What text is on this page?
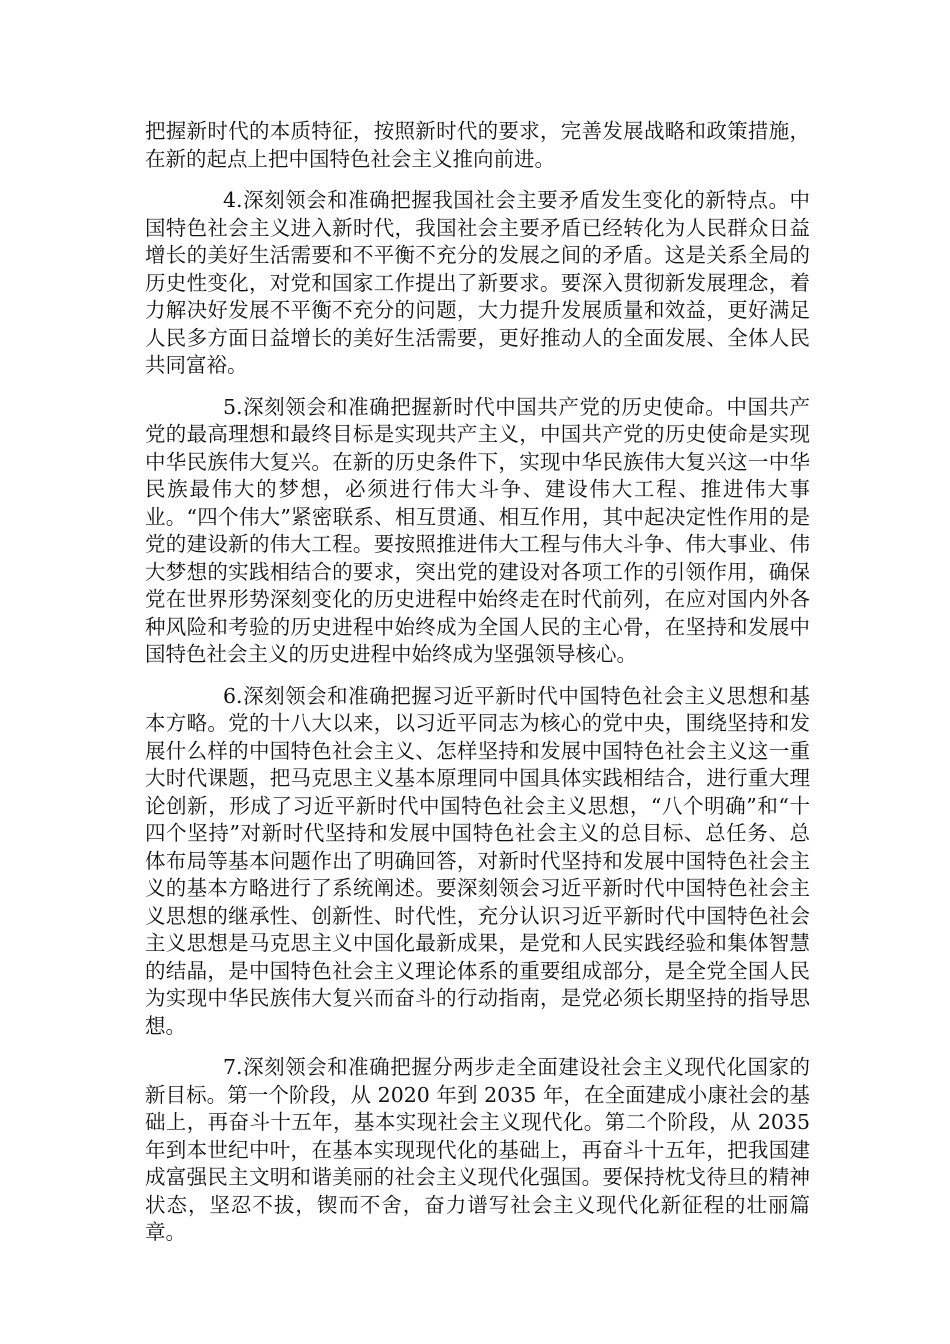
把握新时代的本质特征，按照新时代的要求，完善发展战略和政策措施，在新的起点上把中国特色社会主义推向前进。

4.深刻领会和准确把握我国社会主要矛盾发生变化的新特点。中国特色社会主义进入新时代，我国社会主要矛盾已经转化为人民群众日益增长的美好生活需要和不平衡不充分的发展之间的矛盾。这是关系全局的历史性变化，对党和国家工作提出了新要求。要深入贯彻新发展理念，着力解决好发展不平衡不充分的问题，大力提升发展质量和效益，更好满足人民多方面日益增长的美好生活需要，更好推动人的全面发展、全体人民共同富裕。

5.深刻领会和准确把握新时代中国共产党的历史使命。中国共产党的最高理想和最终目标是实现共产主义，中国共产党的历史使命是实现中华民族伟大复兴。在新的历史条件下，实现中华民族伟大复兴这一中华民族最伟大的梦想，必须进行伟大斗争、建设伟大工程、推进伟大事业。“四个伟大”紧密联系、相互贯通、相互作用，其中起决定性作用的是党的建设新的伟大工程。要按照推进伟大工程与伟大斗争、伟大事业、伟大梦想的实践相结合的要求，突出党的建设对各项工作的引领作用，确保党在世界形势深刻变化的历史进程中始终走在时代前列，在应对国内外各种风险和考验的历史进程中始终成为全国人民的主心骨，在坚持和发展中国特色社会主义的历史进程中始终成为坚强领导核心。

6.深刻领会和准确把握习近平新时代中国特色社会主义思想和基本方略。党的十八大以来，以习近平同志为核心的党中央，围绕坚持和发展什么样的中国特色社会主义、怎样坚持和发展中国特色社会主义这一重大时代课题，把马克思主义基本原理同中国具体实践相结合，进行重大理论创新，形成了习近平新时代中国特色社会主义思想，“八个明确”和“十四个坚持”对新时代坚持和发展中国特色社会主义的总目标、总任务、总体布局等基本问题作出了明确回答，对新时代坚持和发展中国特色社会主义的基本方略进行了系统阐述。要深刻领会习近平新时代中国特色社会主义思想的继承性、创新性、时代性，充分认识习近平新时代中国特色社会主义思想是马克思主义中国化最新成果，是党和人民实践经验和集体智慧的结晶，是中国特色社会主义理论体系的重要组成部分，是全党全国人民为实现中华民族伟大复兴而奋斗的行动指南，是党必须长期坚持的指导思想。

7.深刻领会和准确把握分两步走全面建设社会主义现代化国家的新目标。第一个阶段，从 2020 年到 2035 年，在全面建成小康社会的基础上，再奋斗十五年，基本实现社会主义现代化。第二个阶段，从 2035 年到本世纪中叶，在基本实现现代化的基础上，再奋斗十五年，把我国建成富强民主文明和谐美丽的社会主义现代化强国。要保持枕戈待旦的精神状态，坚忍不拔，锲而不舍，奋力谱写社会主义现代化新征程的壮丽篇章。
